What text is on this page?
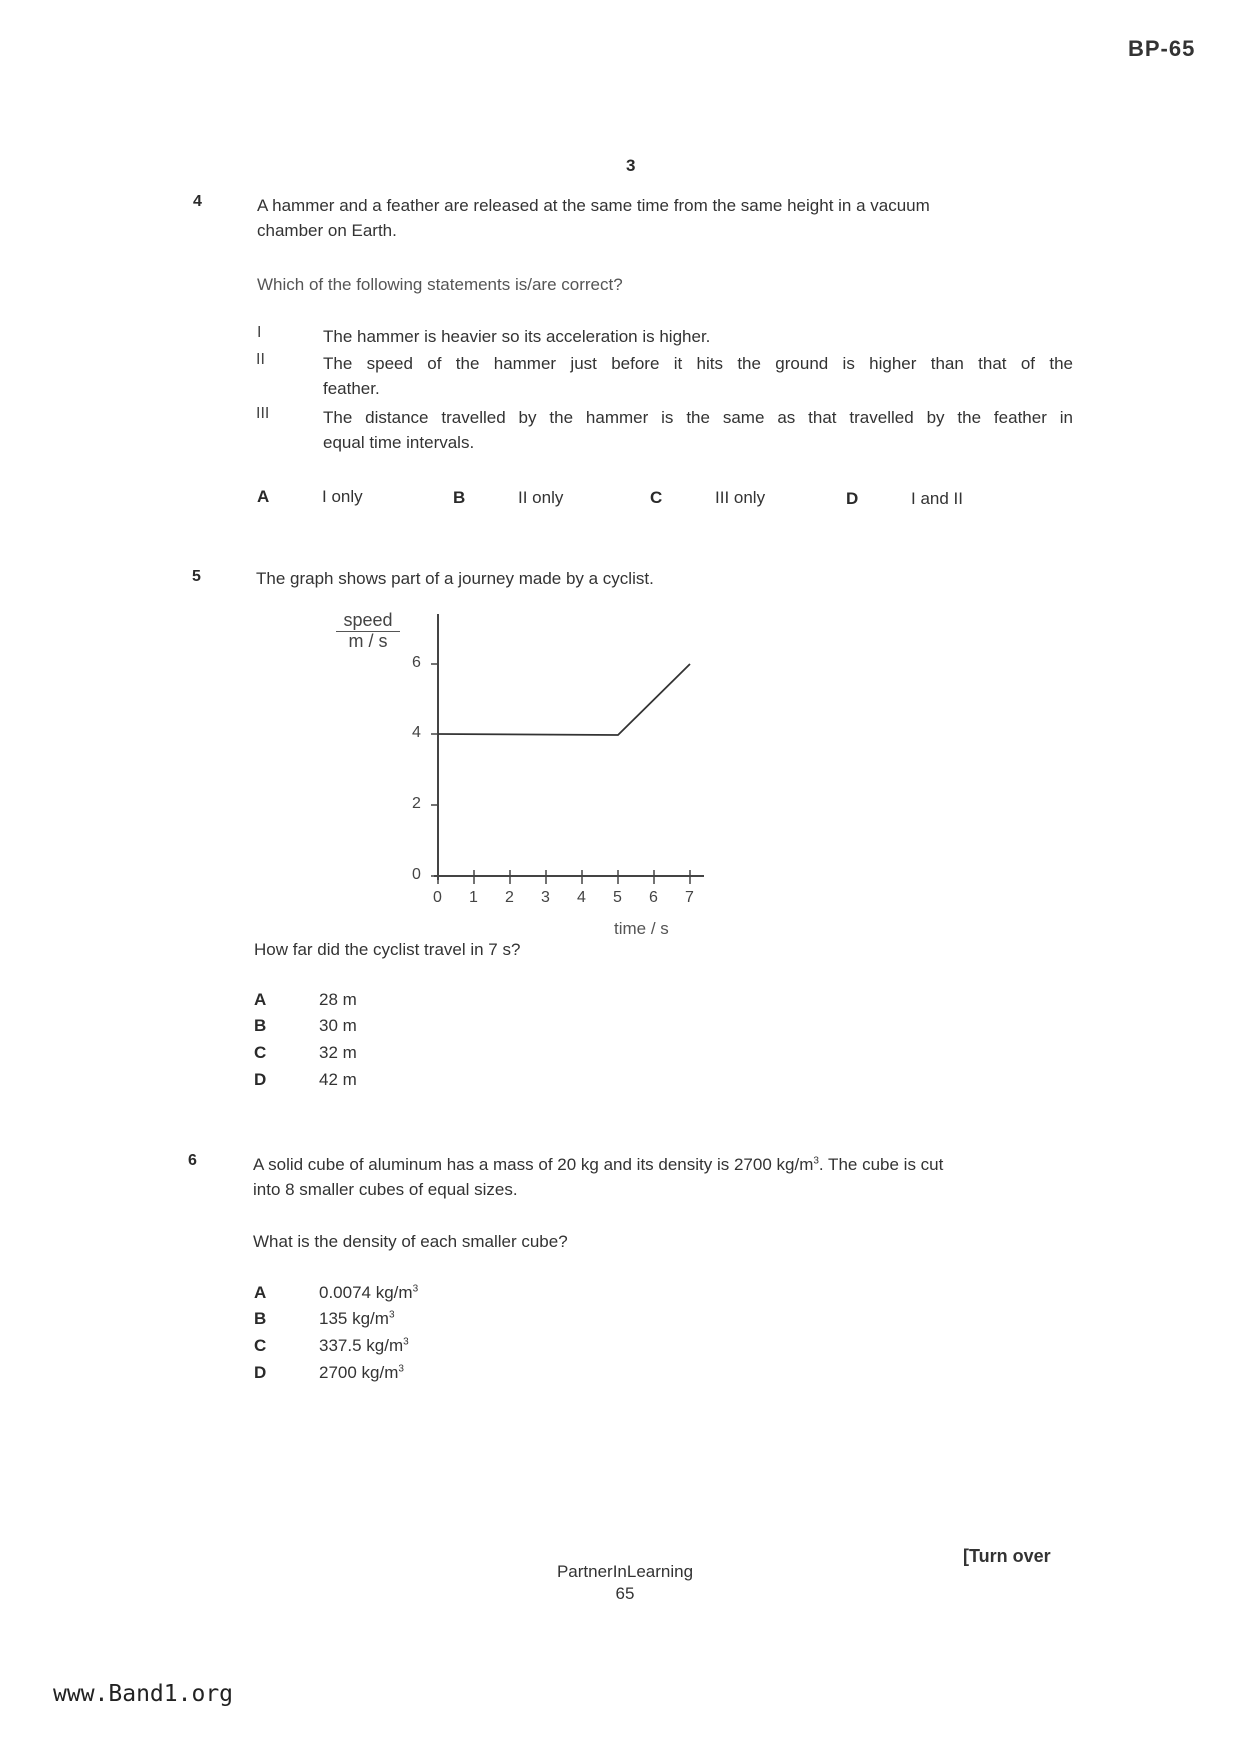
BP-65
3
4	A hammer and a feather are released at the same time from the same height in a vacuum
chamber on Earth.
Which of the following statements is/are correct?
I	The hammer is heavier so its acceleration is higher.
II	The speed of the hammer just before it hits the ground is higher than that of the
feather.
III	The distance travelled by the hammer is the same as that travelled by the feather in
equal time intervals.
A	I only	B	II only	C	III only	D	I and II
5	The graph shows part of a journey made by a cyclist.
speed
m / s
6
4
2
0
0 1 2 3 4 5 6 7
time / s
How far did the cyclist travel in 7 s?
A	28 m
B	30 m
C	32 m
D	42 m
6	A solid cube of aluminum has a mass of 20 kg and its density is 2700 $kg/m^3$. The cube is cut
into 8 smaller cubes of equal sizes.
What is the density of each smaller cube?
A	0.0074 $kg/m^3$
B	135 $kg/m^3$
C	337.5 $kg/m^3$
D	2700 $kg/m^3$
PartnerInLearning
65
[Turn over
www.Band1.org
